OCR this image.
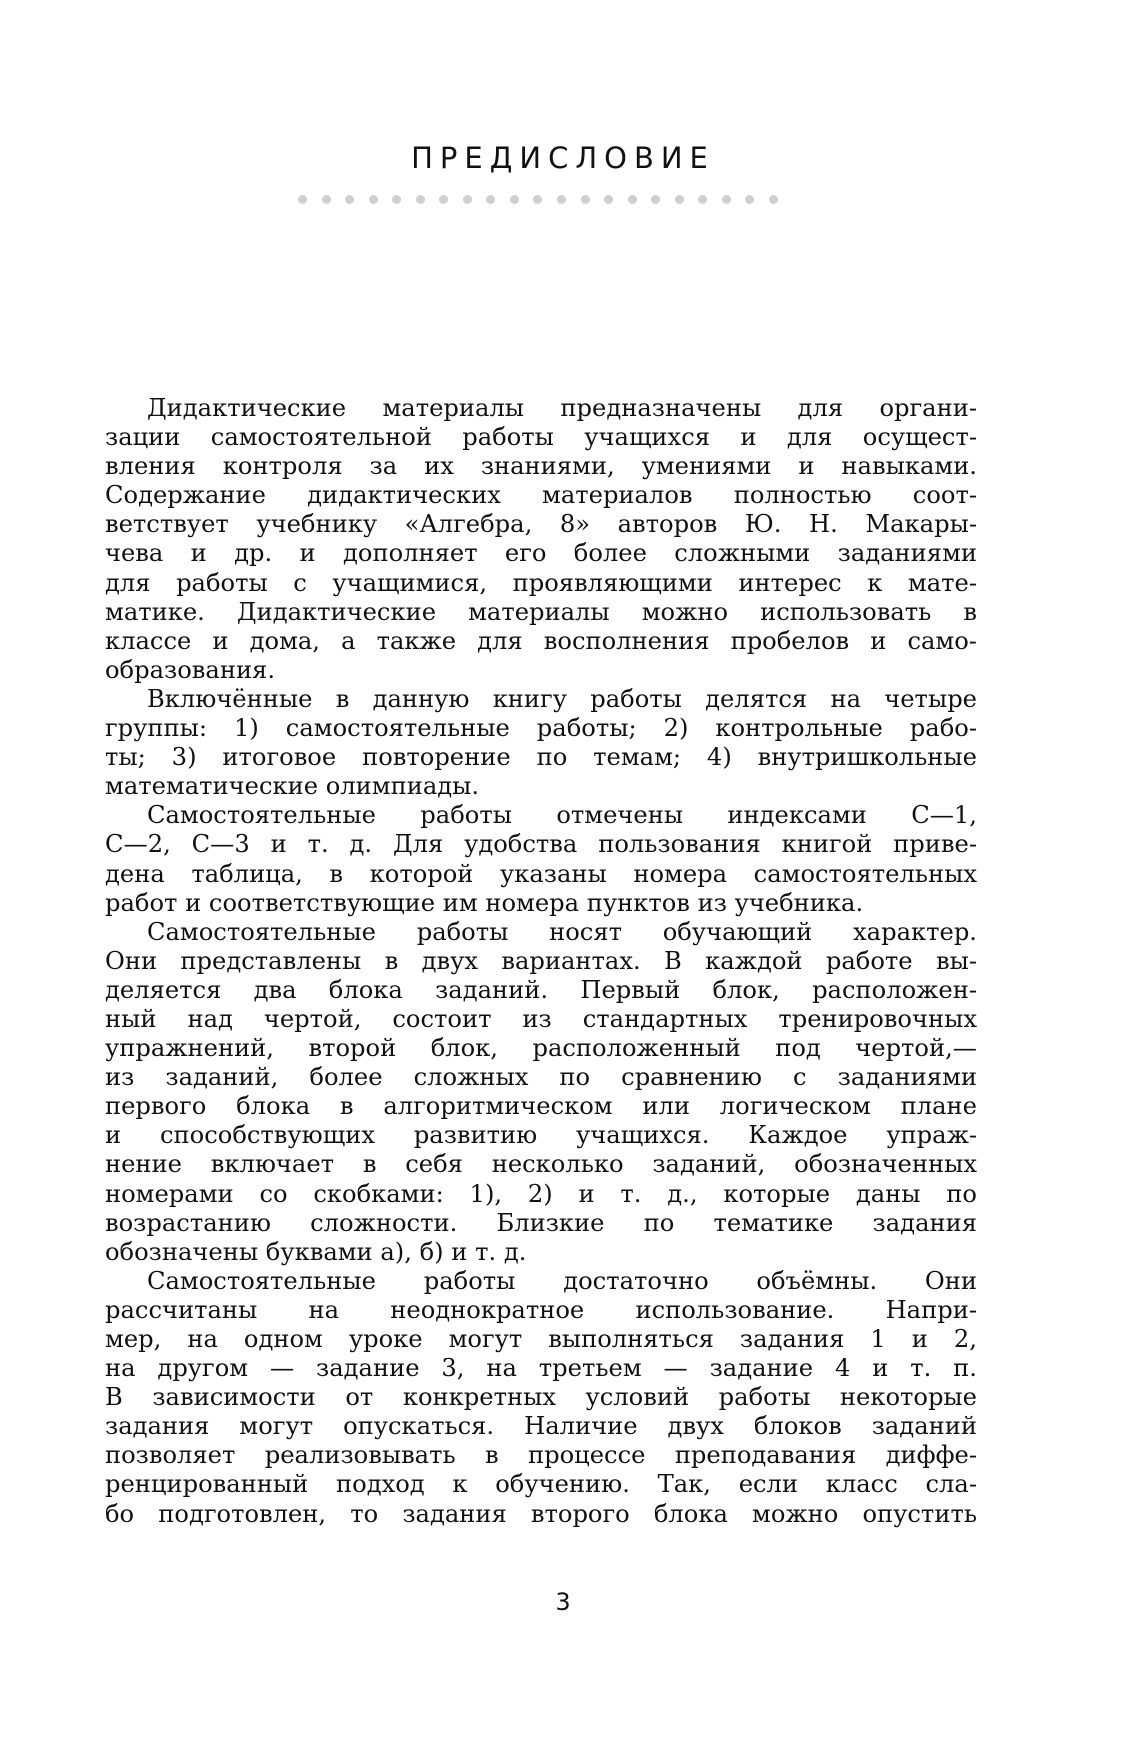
ПРЕДИСЛОВИЕ
Дидактические материалы предназначены для органи-
зации самостоятельной работы учащихся и для осущест-
вления контроля за их знаниями, умениями и навыками.
Содержание дидактических материалов полностью соот-
ветствует учебнику «Алгебра, 8» авторов Ю. Н. Макары-
чева и др. и дополняет его более сложными заданиями
для работы с учащимися, проявляющими интерес к мате-
матике. Дидактические материалы можно использовать в
классе и дома, а также для восполнения пробелов и само-
образования.
Включённые в данную книгу работы делятся на четыре
группы: 1) самостоятельные работы; 2) контрольные рабо-
ты; 3) итоговое повторение по темам; 4) внутришкольные
математические олимпиады.
Самостоятельные работы отмечены индексами С—1,
С—2, С—3 и т. д. Для удобства пользования книгой приве-
дена таблица, в которой указаны номера самостоятельных
работ и соответствующие им номера пунктов из учебника.
Самостоятельные работы носят обучающий характер.
Они представлены в двух вариантах. В каждой работе вы-
деляется два блока заданий. Первый блок, расположен-
ный над чертой, состоит из стандартных тренировочных
упражнений, второй блок, расположенный под чертой,—
из заданий, более сложных по сравнению с заданиями
первого блока в алгоритмическом или логическом плане
и способствующих развитию учащихся. Каждое упраж-
нение включает в себя несколько заданий, обозначенных
номерами со скобками: 1), 2) и т. д., которые даны по
возрастанию сложности. Близкие по тематике задания
обозначены буквами а), б) и т. д.
Самостоятельные работы достаточно объёмны. Они
рассчитаны на неоднократное использование. Напри-
мер, на одном уроке могут выполняться задания 1 и 2,
на другом — задание 3, на третьем — задание 4 и т. п.
В зависимости от конкретных условий работы некоторые
задания могут опускаться. Наличие двух блоков заданий
позволяет реализовывать в процессе преподавания диффе-
ренцированный подход к обучению. Так, если класс сла-
бо подготовлен, то задания второго блока можно опустить
3
